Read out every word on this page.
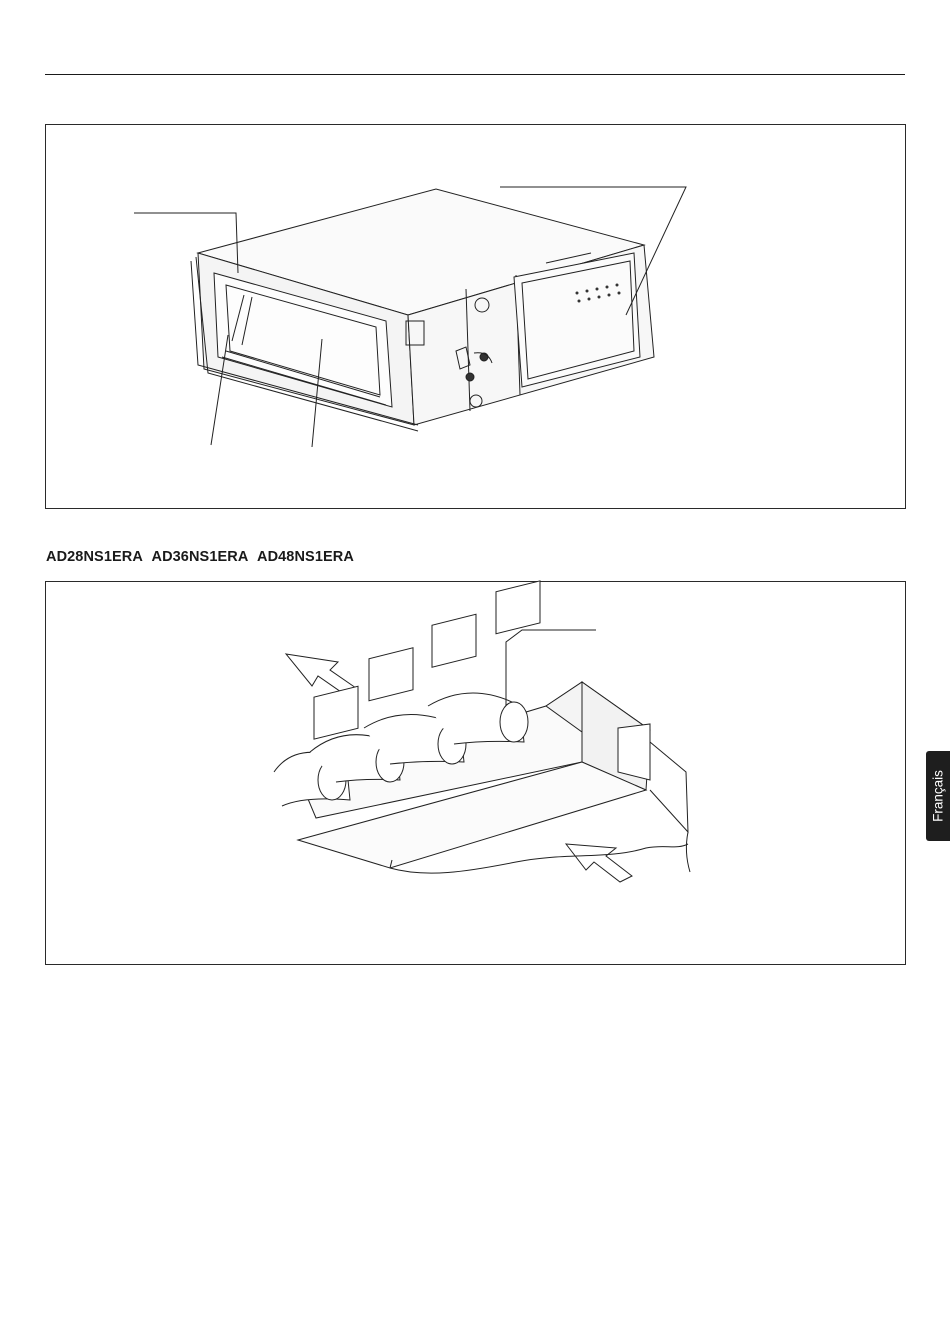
AD28NS1ERA AD36NS1ERA AD48NS1ERA
Français
